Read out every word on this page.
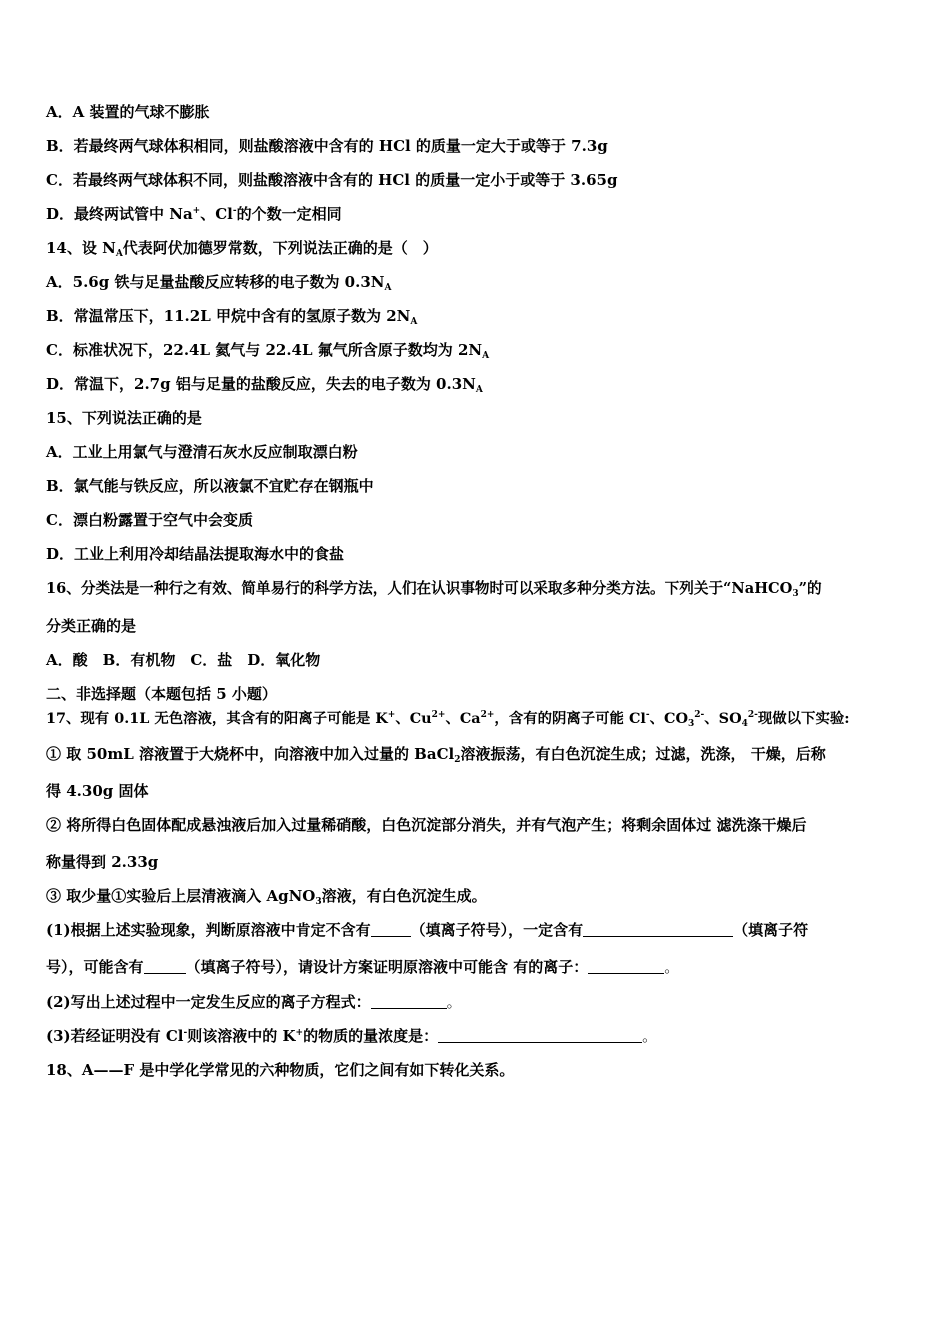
A．A 装置的气球不膨胀
B．若最终两气球体积相同，则盐酸溶液中含有的 HCl 的质量一定大于或等于 7.3g
C．若最终两气球体积不同，则盐酸溶液中含有的 HCl 的质量一定小于或等于 3.65g
D．最终两试管中 Na+、Cl-的个数一定相同
14、设 $N_A$代表阿伏加德罗常数，下列说法正确的是（　）
A．5.6g 铁与足量盐酸反应转移的电子数为 $0.3N_A$
B．常温常压下，11.2L 甲烷中含有的氢原子数为 $2N_A$
C．标准状况下，22.4L 氦气与 22.4L 氟气所含原子数均为 $2N_A$
D．常温下，2.7g 铝与足量的盐酸反应，失去的电子数为 $0.3N_A$
15、下列说法正确的是
A．工业上用氯气与澄清石灰水反应制取漂白粉
B．氯气能与铁反应，所以液氯不宜贮存在钢瓶中
C．漂白粉露置于空气中会变质
D．工业上利用冷却结晶法提取海水中的食盐
16、分类法是一种行之有效、简单易行的科学方法，人们在认识事物时可以采取多种分类方法。下列关于“NaHCO$_3$”的
分类正确的是
A．酸　B．有机物　C．盐　D．氧化物
二、非选择题（本题包括 5 小题）
17、现有 0.1L 无色溶液，其含有的阳离子可能是 K+、$Cu^{2+}$、$Ca^{2+}$，含有的阴离子可能 Cl-、$CO_3^{2-}$、$SO_4^{2-}$现做以下实验:
① 取 50mL 溶液置于大烧杯中，向溶液中加入过量的 BaCl$_2$溶液振荡，有白色沉淀生成；过滤，洗涤， 干燥，后称
得 4.30g 固体
② 将所得白色固体配成悬浊液后加入过量稀硝酸，白色沉淀部分消失，并有气泡产生；将剩余固体过 滤洗涤干燥后
称量得到 2.33g
③ 取少量①实验后上层清液滴入 AgNO$_3$溶液，有白色沉淀生成。
(1)根据上述实验现象，判断原溶液中肯定不含有	（填离子符号），一定含有	（填离子符
号），可能含有	（填离子符号），请设计方案证明原溶液中可能含 有的离子：	。
(2)写出上述过程中一定发生反应的离子方程式：	。
(3)若经证明没有 Cl-则该溶液中的 K+的物质的量浓度是：	。
18、A——F 是中学化学常见的六种物质，它们之间有如下转化关系。
